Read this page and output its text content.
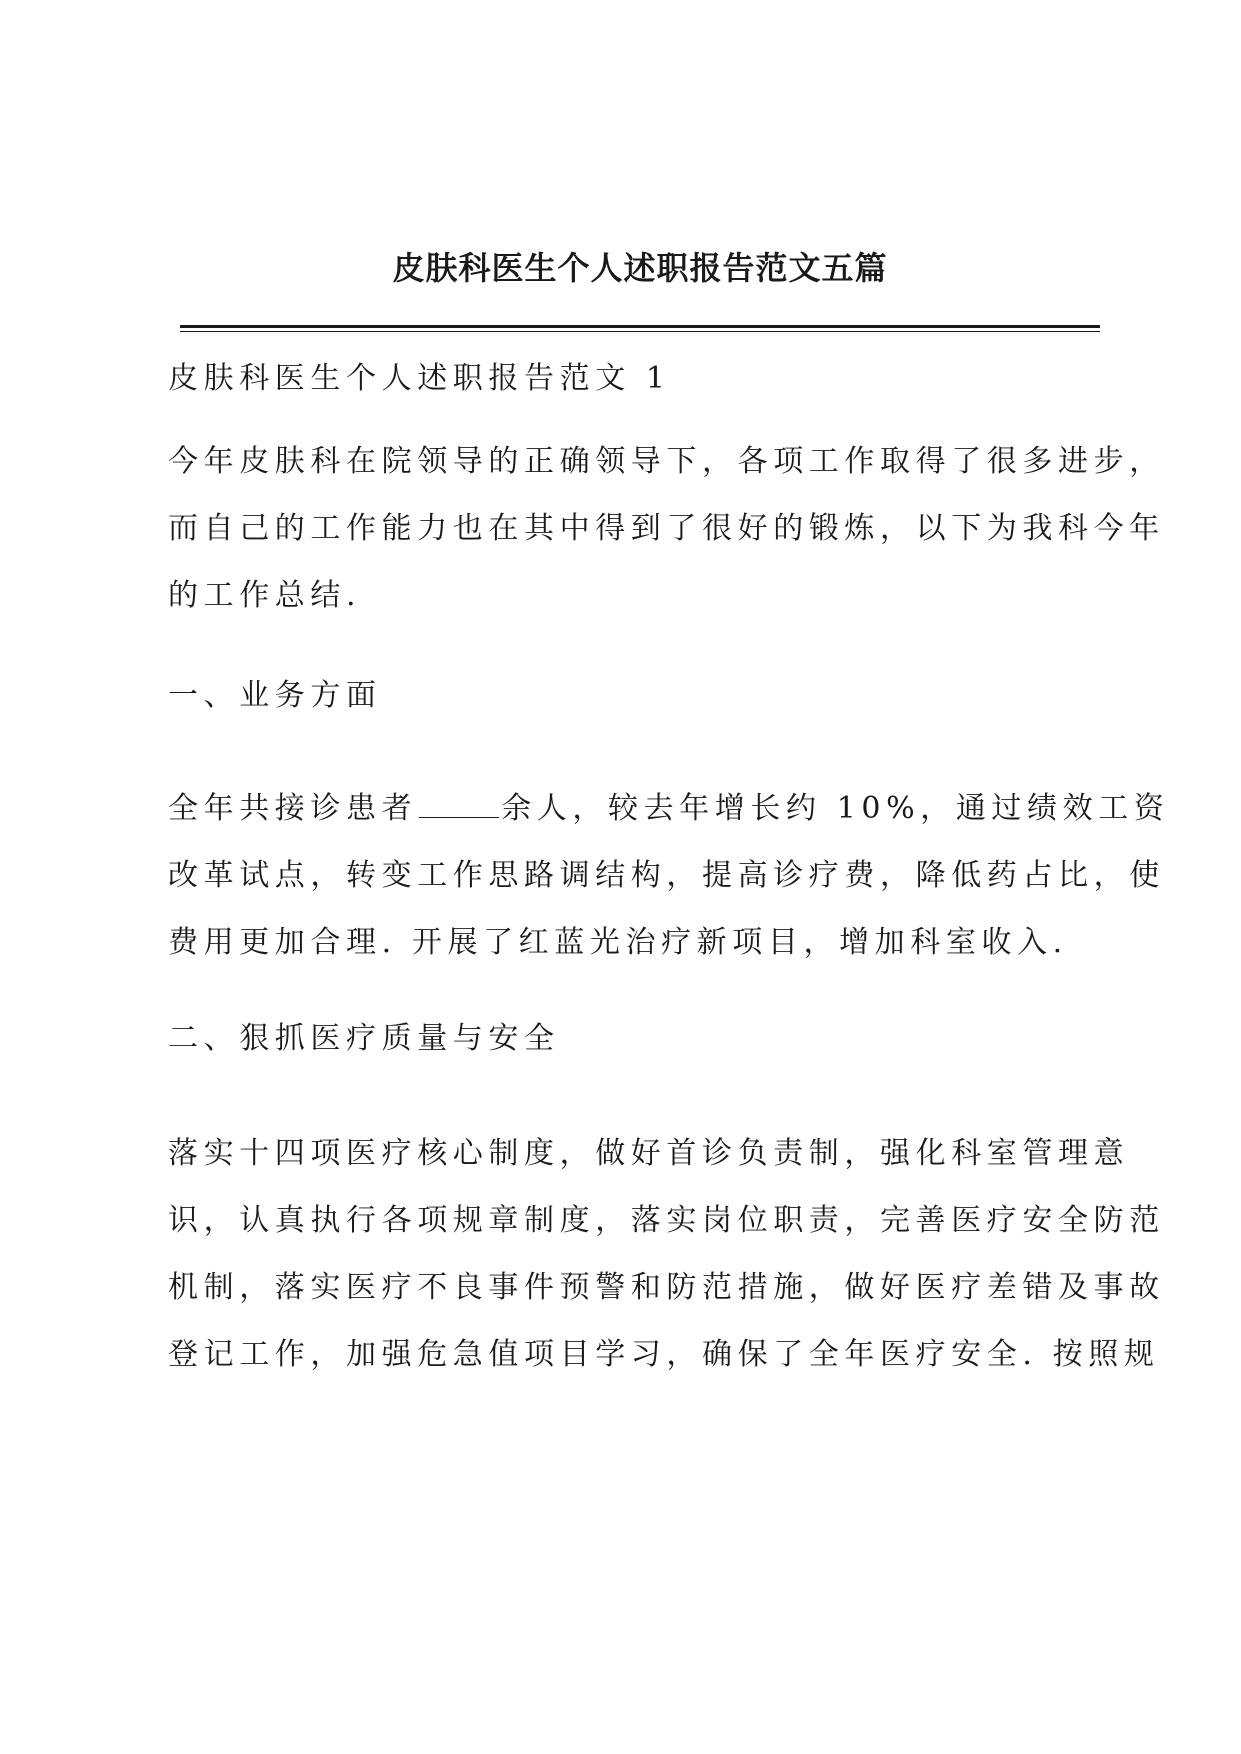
皮肤科医生个人述职报告范文五篇
皮肤科医生个人述职报告范文 1
今年皮肤科在院领导的正确领导下，各项工作取得了很多进步，
而自己的工作能力也在其中得到了很好的锻炼，以下为我科今年
的工作总结.
一、业务方面
全年共接诊患者	余人，较去年增长约 10%，通过绩效工资
改革试点，转变工作思路调结构，提高诊疗费，降低药占比，使
费用更加合理. 开展了红蓝光治疗新项目，增加科室收入.
二、狠抓医疗质量与安全
落实十四项医疗核心制度，做好首诊负责制，强化科室管理意
识，认真执行各项规章制度，落实岗位职责，完善医疗安全防范
机制，落实医疗不良事件预警和防范措施，做好医疗差错及事故
登记工作，加强危急值项目学习，确保了全年医疗安全. 按照规
